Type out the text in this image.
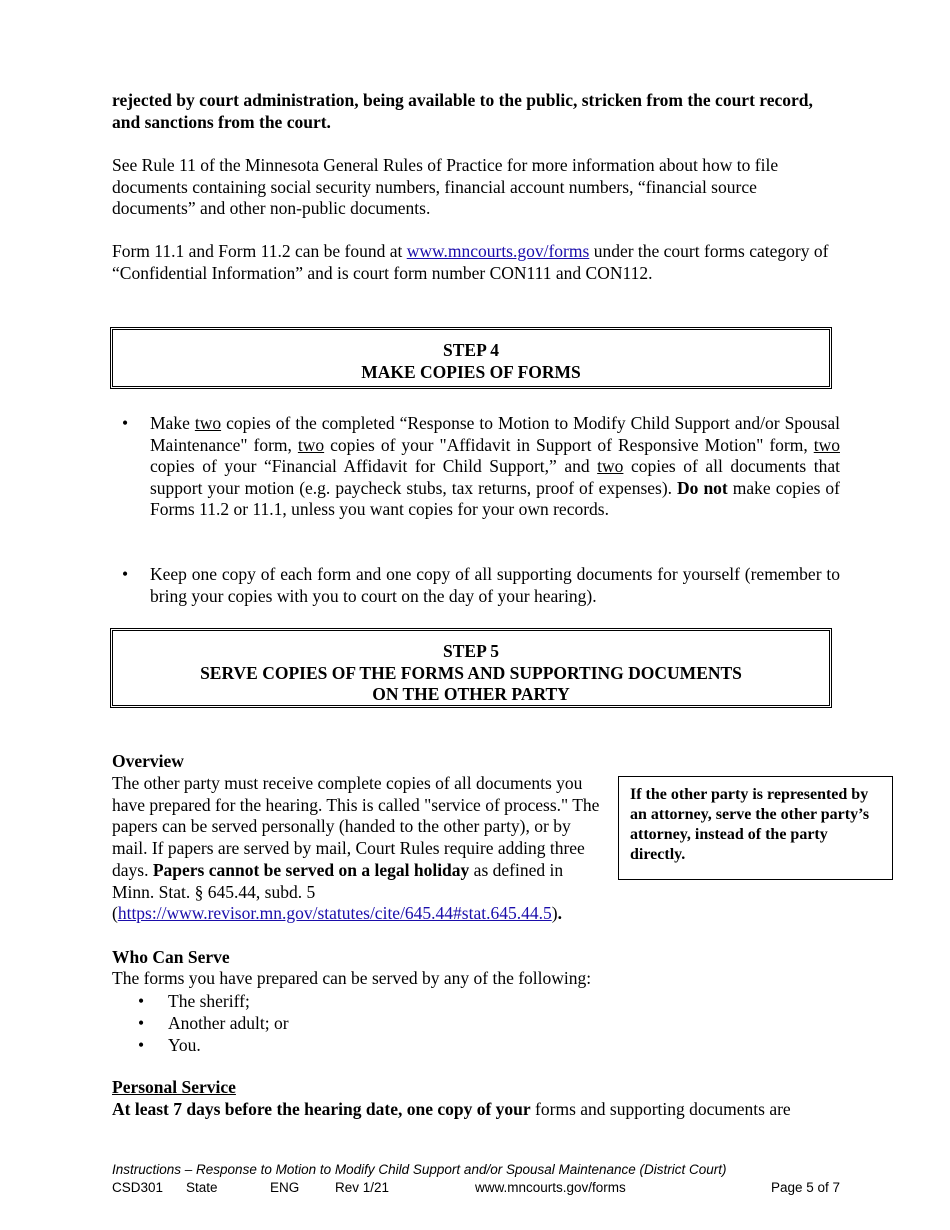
rejected by court administration, being available to the public, stricken from the court record, and sanctions from the court.
See Rule 11 of the Minnesota General Rules of Practice for more information about how to file documents containing social security numbers, financial account numbers, “financial source documents” and other non-public documents.
Form 11.1 and Form 11.2 can be found at www.mncourts.gov/forms under the court forms category of “Confidential Information” and is court form number CON111 and CON112.
STEP 4
MAKE COPIES OF FORMS
• Make two copies of the completed “Response to Motion to Modify Child Support and/or Spousal Maintenance" form, two copies of your "Affidavit in Support of Responsive Motion" form, two copies of your “Financial Affidavit for Child Support,” and two copies of all documents that support your motion (e.g. paycheck stubs, tax returns, proof of expenses). Do not make copies of Forms 11.2 or 11.1, unless you want copies for your own records.
• Keep one copy of each form and one copy of all supporting documents for yourself (remember to bring your copies with you to court on the day of your hearing).
STEP 5
SERVE COPIES OF THE FORMS AND SUPPORTING DOCUMENTS
ON THE OTHER PARTY
Overview
The other party must receive complete copies of all documents you have prepared for the hearing. This is called "service of process." The papers can be served personally (handed to the other party), or by mail. If papers are served by mail, Court Rules require adding three days. Papers cannot be served on a legal holiday as defined in Minn. Stat. § 645.44, subd. 5 (https://www.revisor.mn.gov/statutes/cite/645.44#stat.645.44.5).
If the other party is represented by an attorney, serve the other party’s attorney, instead of the party directly.
Who Can Serve
The forms you have prepared can be served by any of the following:
• The sheriff;
• Another adult; or
• You.
Personal Service
At least 7 days before the hearing date, one copy of your forms and supporting documents are
Instructions – Response to Motion to Modify Child Support and/or Spousal Maintenance (District Court)
CSD301 State	ENG	Rev 1/21	www.mncourts.gov/forms	Page 5 of 7
